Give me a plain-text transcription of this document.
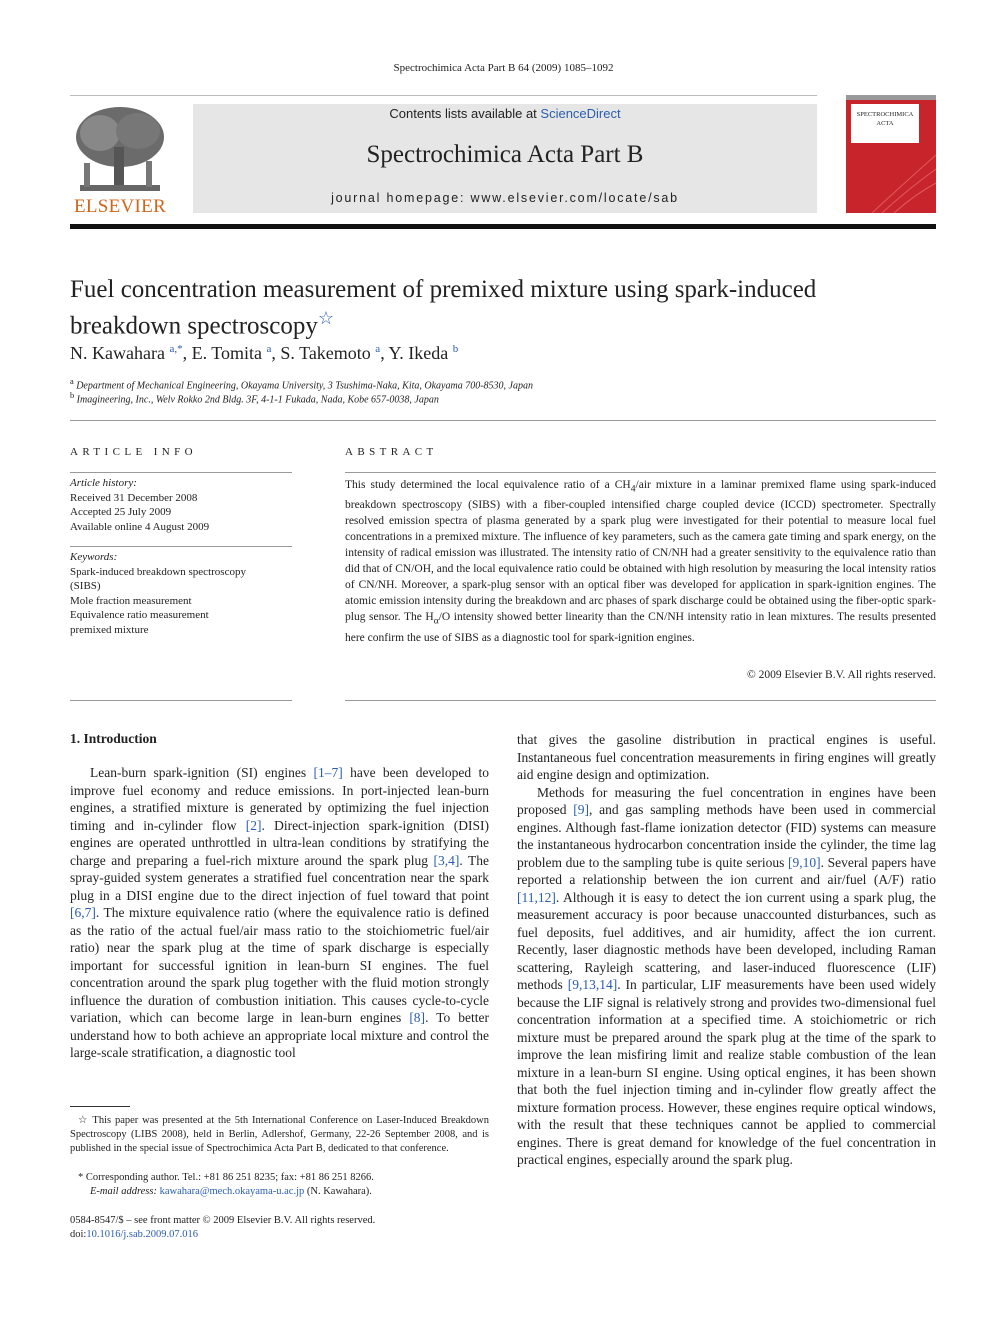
Spectrochimica Acta Part B 64 (2009) 1085–1092
ELSEVIER
Contents lists available at ScienceDirect
Spectrochimica Acta Part B
journal homepage: www.elsevier.com/locate/sab
SPECTROCHIMICA
ACTA
Fuel concentration measurement of premixed mixture using spark-induced
breakdown spectroscopy☆
N. Kawahara $^{a,*}$, E. Tomita $^a$, S. Takemoto $^a$, Y. Ikeda $^b$
$^a$ Department of Mechanical Engineering, Okayama University, 3 Tsushima-Naka, Kita, Okayama 700-8530, Japan
$^b$ Imagineering, Inc., Welv Rokko 2nd Bldg. 3F, 4-1-1 Fukada, Nada, Kobe 657-0038, Japan
ARTICLE INFO
Article history:
Received 31 December 2008
Accepted 25 July 2009
Available online 4 August 2009
Keywords:
Spark-induced breakdown spectroscopy
(SIBS)
Mole fraction measurement
Equivalence ratio measurement
premixed mixture
ABSTRACT
This study determined the local equivalence ratio of a $CH_4$/air mixture in a laminar premixed flame using spark-induced breakdown spectroscopy (SIBS) with a fiber-coupled intensified charge coupled device (ICCD) spectrometer. Spectrally resolved emission spectra of plasma generated by a spark plug were investigated for their potential to measure local fuel concentrations in a premixed mixture. The influence of key parameters, such as the camera gate timing and spark energy, on the intensity of radical emission was illustrated. The intensity ratio of CN/NH had a greater sensitivity to the equivalence ratio than did that of CN/OH, and the local equivalence ratio could be obtained with high resolution by measuring the local intensity ratios of CN/NH. Moreover, a spark-plug sensor with an optical fiber was developed for application in spark-ignition engines. The atomic emission intensity during the breakdown and arc phases of spark discharge could be obtained using the fiber-optic spark-plug sensor. The $H_\alpha/O$ intensity showed better linearity than the CN/NH intensity ratio in lean mixtures. The results presented here confirm the use of SIBS as a diagnostic tool for spark-ignition engines.
© 2009 Elsevier B.V. All rights reserved.
1. Introduction

Lean-burn spark-ignition (SI) engines [1–7] have been developed to improve fuel economy and reduce emissions. In port-injected lean-burn engines, a stratified mixture is generated by optimizing the fuel injection timing and in-cylinder flow [2]. Direct-injection spark-ignition (DISI) engines are operated unthrottled in ultra-lean conditions by stratifying the charge and preparing a fuel-rich mixture around the spark plug [3,4]. The spray-guided system generates a stratified fuel concentration near the spark plug in a DISI engine due to the direct injection of fuel toward that point [6,7]. The mixture equivalence ratio (where the equivalence ratio is defined as the ratio of the actual fuel/air mass ratio to the stoichiometric fuel/air ratio) near the spark plug at the time of spark discharge is especially important for successful ignition in lean-burn SI engines. The fuel concentration around the spark plug together with the fluid motion strongly influence the duration of combustion initiation. This causes cycle-to-cycle variation, which can become large in lean-burn engines [8]. To better understand how to both achieve an appropriate local mixture and control the large-scale stratification, a diagnostic tool

☆ This paper was presented at the 5th International Conference on Laser-Induced Breakdown Spectroscopy (LIBS 2008), held in Berlin, Adlershof, Germany, 22-26 September 2008, and is published in the special issue of Spectrochimica Acta Part B, dedicated to that conference.
* Corresponding author. Tel.: +81 86 251 8235; fax: +81 86 251 8266.
E-mail address: kawahara@mech.okayama-u.ac.jp (N. Kawahara).
0584-8547/$ – see front matter © 2009 Elsevier B.V. All rights reserved.
doi:10.1016/j.sab.2009.07.016

that gives the gasoline distribution in practical engines is useful. Instantaneous fuel concentration measurements in firing engines will greatly aid engine design and optimization.

Methods for measuring the fuel concentration in engines have been proposed [9], and gas sampling methods have been used in commercial engines. Although fast-flame ionization detector (FID) systems can measure the instantaneous hydrocarbon concentration inside the cylinder, the time lag problem due to the sampling tube is quite serious [9,10]. Several papers have reported a relationship between the ion current and air/fuel (A/F) ratio [11,12]. Although it is easy to detect the ion current using a spark plug, the measurement accuracy is poor because unaccounted disturbances, such as fuel deposits, fuel additives, and air humidity, affect the ion current. Recently, laser diagnostic methods have been developed, including Raman scattering, Rayleigh scattering, and laser-induced fluorescence (LIF) methods [9,13,14]. In particular, LIF measurements have been used widely because the LIF signal is relatively strong and provides two-dimensional fuel concentration information at a specified time. A stoichiometric or rich mixture must be prepared around the spark plug at the time of the spark to improve the lean misfiring limit and realize stable combustion of the lean mixture in a lean-burn SI engine. Using optical engines, it has been shown that both the fuel injection timing and in-cylinder flow greatly affect the mixture formation process. However, these engines require optical windows, with the result that these techniques cannot be applied to commercial engines. There is great demand for knowledge of the fuel concentration in practical engines, especially around the spark plug.
